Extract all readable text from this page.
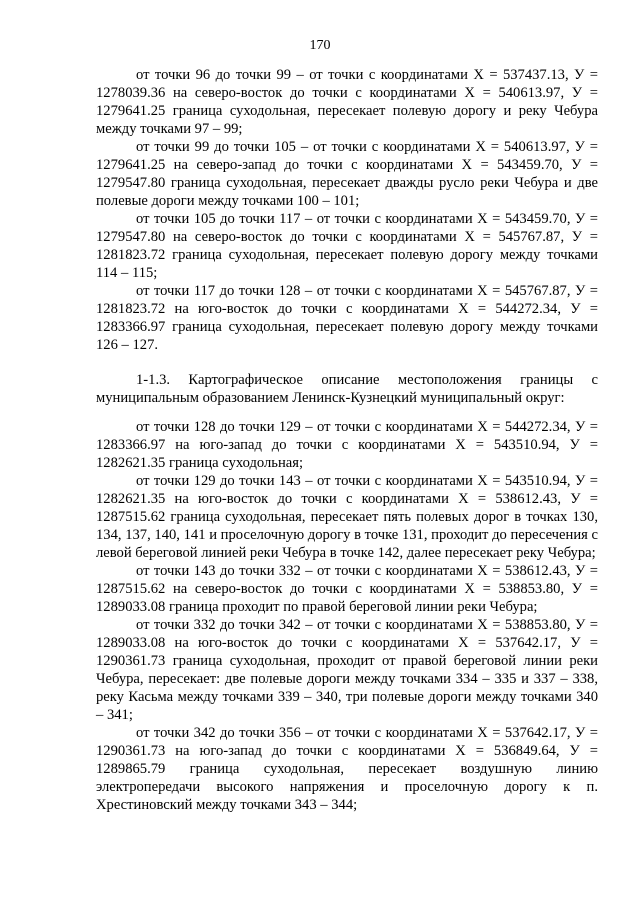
170

от точки 96 до точки 99 – от точки с координатами Х = 537437.13, У = 1278039.36 на северо-восток до точки с координатами Х = 540613.97, У = 1279641.25 граница суходольная, пересекает полевую дорогу и реку Чебура между точками 97 – 99;

от точки 99 до точки 105 – от точки с координатами Х = 540613.97, У = 1279641.25 на северо-запад до точки с координатами Х = 543459.70, У = 1279547.80 граница суходольная, пересекает дважды русло реки Чебура и две полевые дороги между точками 100 – 101;

от точки 105 до точки 117 – от точки с координатами Х = 543459.70, У = 1279547.80 на северо-восток до точки с координатами Х = 545767.87, У = 1281823.72 граница суходольная, пересекает полевую дорогу между точками 114 – 115;

от точки 117 до точки 128 – от точки с координатами Х = 545767.87, У = 1281823.72 на юго-восток до точки с координатами Х = 544272.34, У = 1283366.97 граница суходольная, пересекает полевую дорогу между точками 126 – 127.

1-1.3. Картографическое описание местоположения границы с муниципальным образованием Ленинск-Кузнецкий муниципальный округ:

от точки 128 до точки 129 – от точки с координатами Х = 544272.34, У = 1283366.97 на юго-запад до точки с координатами Х = 543510.94, У = 1282621.35 граница суходольная;

от точки 129 до точки 143 – от точки с координатами Х = 543510.94, У = 1282621.35 на юго-восток до точки с координатами Х = 538612.43, У = 1287515.62 граница суходольная, пересекает пять полевых дорог в точках 130, 134, 137, 140, 141 и проселочную дорогу в точке 131, проходит до пересечения с левой береговой линией реки Чебура в точке 142, далее пересекает реку Чебура;

от точки 143 до точки 332 – от точки с координатами Х = 538612.43, У = 1287515.62 на северо-восток до точки с координатами Х = 538853.80, У = 1289033.08 граница проходит по правой береговой линии реки Чебура;

от точки 332 до точки 342 – от точки с координатами Х = 538853.80, У = 1289033.08 на юго-восток до точки с координатами Х = 537642.17, У = 1290361.73 граница суходольная, проходит от правой береговой линии реки Чебура, пересекает: две полевые дороги между точками 334 – 335 и 337 – 338, реку Касьма между точками 339 – 340, три полевые дороги между точками 340 – 341;

от точки 342 до точки 356 – от точки с координатами Х = 537642.17, У = 1290361.73 на юго-запад до точки с координатами Х = 536849.64, У = 1289865.79 граница суходольная, пересекает воздушную линию электропередачи высокого напряжения и проселочную дорогу к п. Хрестиновский между точками 343 – 344;
